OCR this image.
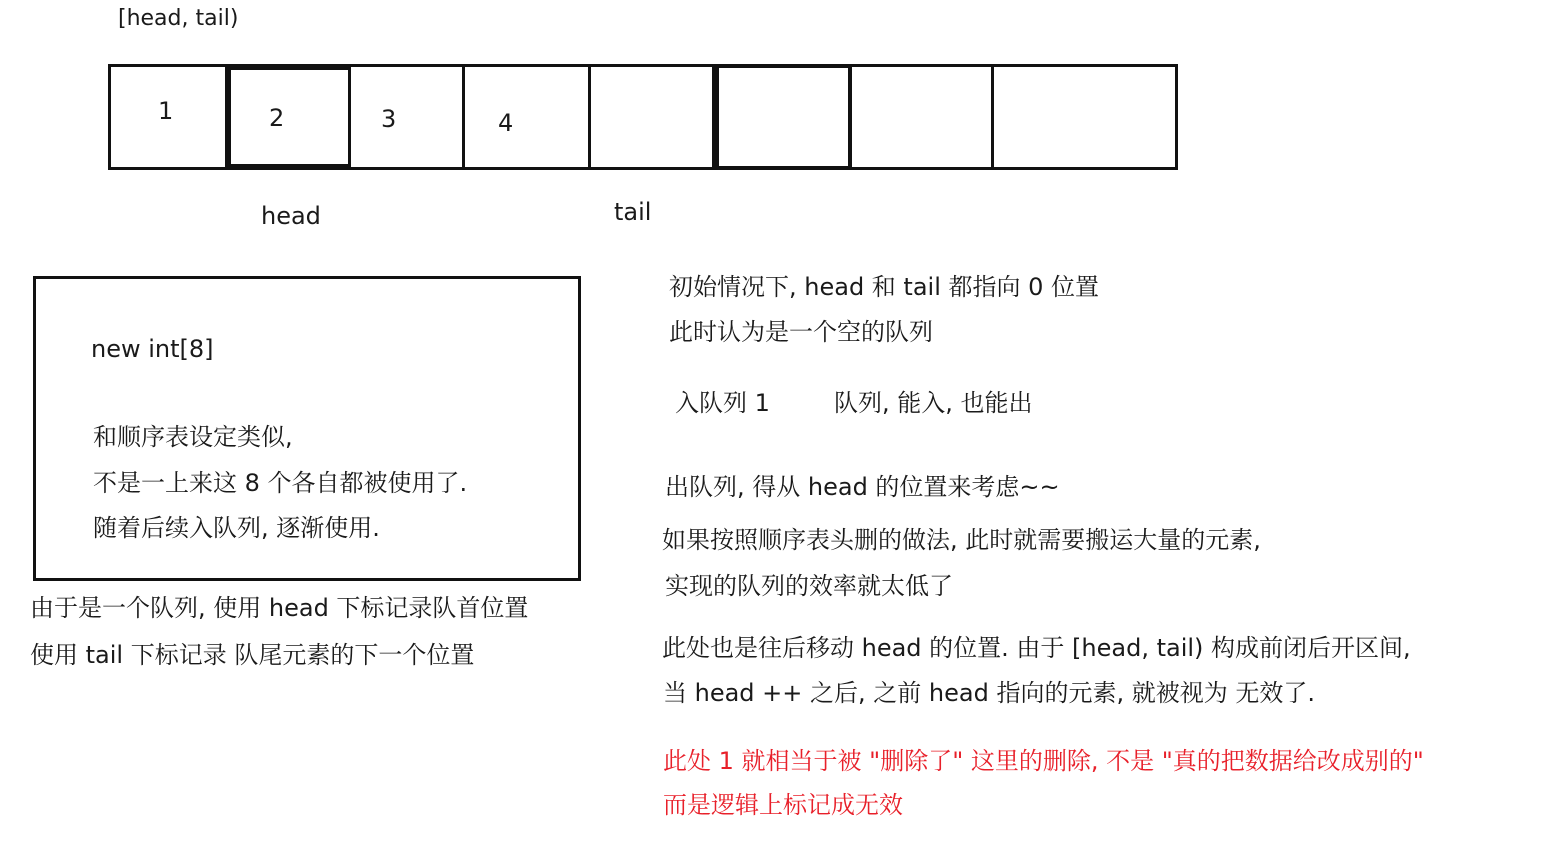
[head, tail)
1	2	3	4
head	tail
new int[8]
和顺序表设定类似,
不是一上来这 8 个各自都被使用了.
随着后续入队列, 逐渐使用.
由于是一个队列, 使用 head 下标记录队首位置
使用 tail 下标记录 队尾元素的下一个位置
初始情况下, head 和 tail 都指向 0 位置
此时认为是一个空的队列
入队列 1	队列, 能入, 也能出
出队列, 得从 head 的位置来考虑~~
如果按照顺序表头删的做法, 此时就需要搬运大量的元素,
实现的队列的效率就太低了
此处也是往后移动 head 的位置. 由于 [head, tail) 构成前闭后开区间,
当 head ++ 之后, 之前 head 指向的元素, 就被视为 无效了.
此处 1 就相当于被 "删除了" 这里的删除, 不是 "真的把数据给改成别的"
而是逻辑上标记成无效
